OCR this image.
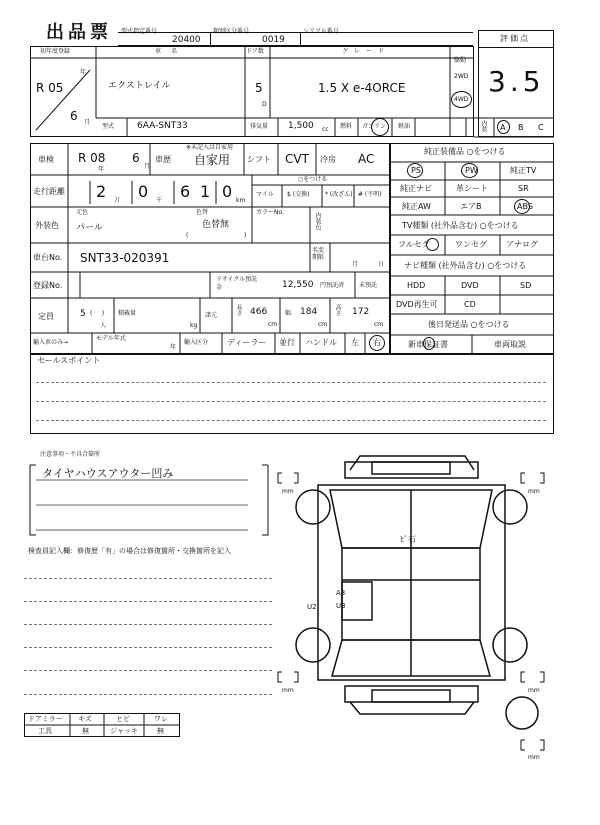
出品票 型式指定番号
20400
類別区分番号
0019
シリアル番号
評価点
3.5
初年度登録	車名	ドア数	グレード
駆動
年
R 05
6 月
エクストレイル	5
D
1.5 X e-4ORCE
2WD
4WD
型式	6AA-SNT33	排気量 1,500 cc 燃料 ガソリン 軽油	内装 A B C
車検 R 08
年
6
月
※未記入は自家用
車歴 自家用 シフト CVT 冷房 AC
走行距離 2 万 0 千 6 1 0 km
○をつける
マイル $ (交換)	* (改ざん) # (不明)
外装色
元色
パール
色替
色替無
(	)
カラーNo.	内装色
車台No. SNT33-020391
名変期限
月	日
登録No.
リサイクル預託金	12,550 円預託済 未預託
定員	5 (     )
人
積載量
kg
諸元	長さ 466
cm
幅 184
cm
高さ 172
cm
輸入車のみ→
モデル年式
年
輸入区分 ディーラー 並行 ハンドル 左 右
純正装備品 ○をつける
PS	PW	純正TV
純正ナビ	革シート	SR
純正AW	エアB	ABS
TV種類 (社外品含む) ○をつける
フルセグ	ワンセグ アナログ
ナビ種類 (社外品含む) ○をつける
HDD	DVD	SD
DVD再生可	CD
後日発送品 ○をつける
新車保証書	車両取説
セールスポイント
注意事項・不具合箇所
タイヤハウスアウター凹み
検査員記入欄：修復歴「有」の場合は修復箇所・交換箇所を記入
ドアミラー キズ	ヒビ	ワレ
工具	無	ジャッキ	無
mm	mm
mm	mm
mm
ﾋﾟ石
A3
U3
U2
